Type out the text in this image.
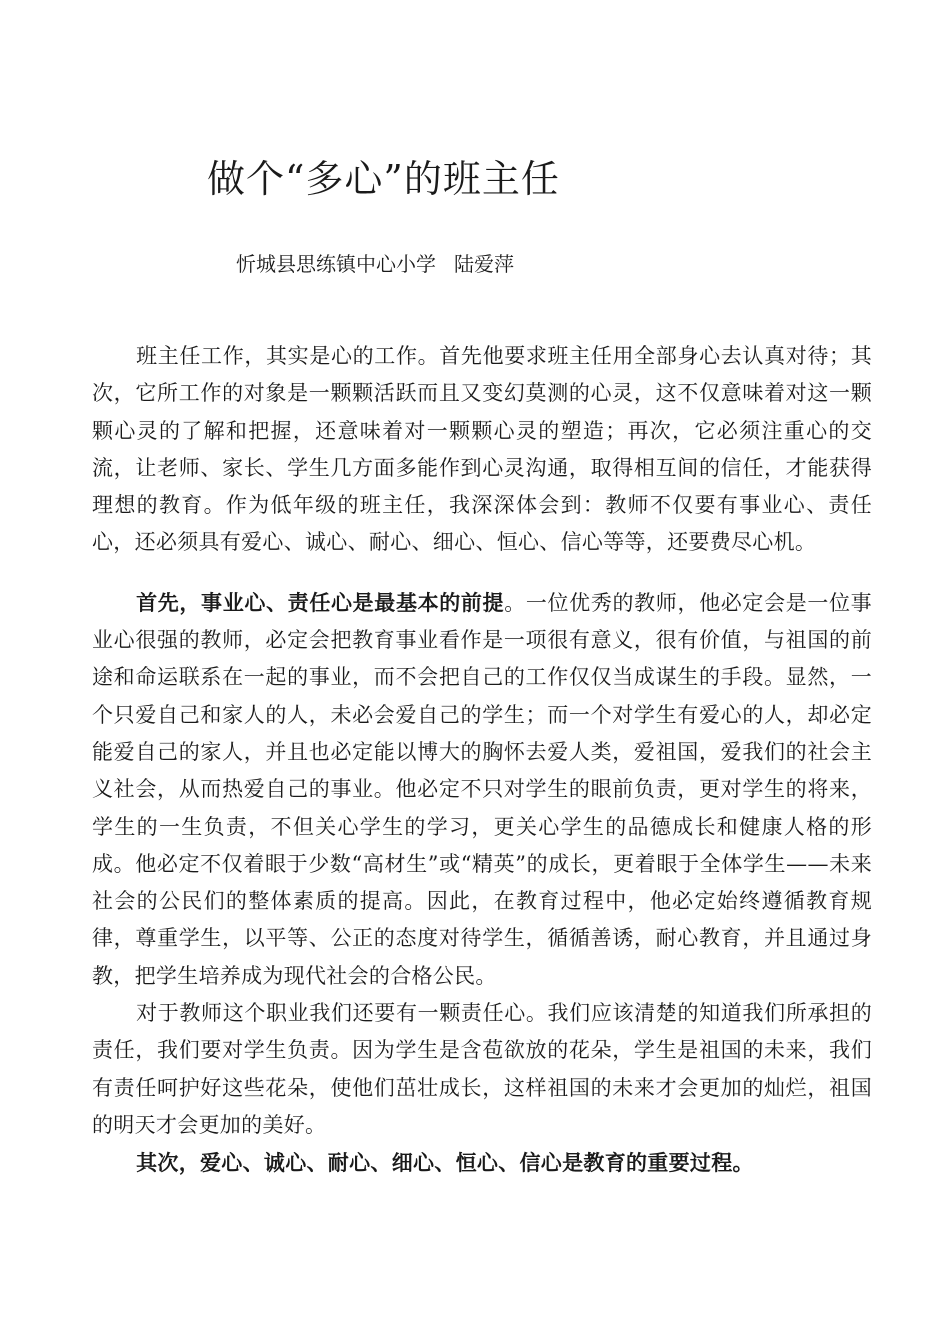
做个“多心”的班主任
忻城县思练镇中心小学 陆爱萍

班主任工作，其实是心的工作。首先他要求班主任用全部身心去认真对待；其次，它所工作的对象是一颗颗活跃而且又变幻莫测的心灵，这不仅意味着对这一颗颗心灵的了解和把握，还意味着对一颗颗心灵的塑造；再次，它必须注重心的交流，让老师、家长、学生几方面多能作到心灵沟通，取得相互间的信任，才能获得理想的教育。作为低年级的班主任，我深深体会到：教师不仅要有事业心、责任心，还必须具有爱心、诚心、耐心、细心、恒心、信心等等，还要费尽心机。

首先，事业心、责任心是最基本的前提。一位优秀的教师，他必定会是一位事业心很强的教师，必定会把教育事业看作是一项很有意义，很有价值，与祖国的前途和命运联系在一起的事业，而不会把自己的工作仅仅当成谋生的手段。显然，一个只爱自己和家人的人，未必会爱自己的学生；而一个对学生有爱心的人，却必定能爱自己的家人，并且也必定能以博大的胸怀去爱人类，爱祖国，爱我们的社会主义社会，从而热爱自己的事业。他必定不只对学生的眼前负责，更对学生的将来，学生的一生负责，不但关心学生的学习，更关心学生的品德成长和健康人格的形成。他必定不仅着眼于少数“高材生”或“精英”的成长，更着眼于全体学生——未来社会的公民们的整体素质的提高。因此，在教育过程中，他必定始终遵循教育规律，尊重学生，以平等、公正的态度对待学生，循循善诱，耐心教育，并且通过身教，把学生培养成为现代社会的合格公民。

对于教师这个职业我们还要有一颗责任心。我们应该清楚的知道我们所承担的责任，我们要对学生负责。因为学生是含苞欲放的花朵，学生是祖国的未来，我们有责任呵护好这些花朵，使他们茁壮成长，这样祖国的未来才会更加的灿烂，祖国的明天才会更加的美好。

其次，爱心、诚心、耐心、细心、恒心、信心是教育的重要过程。
